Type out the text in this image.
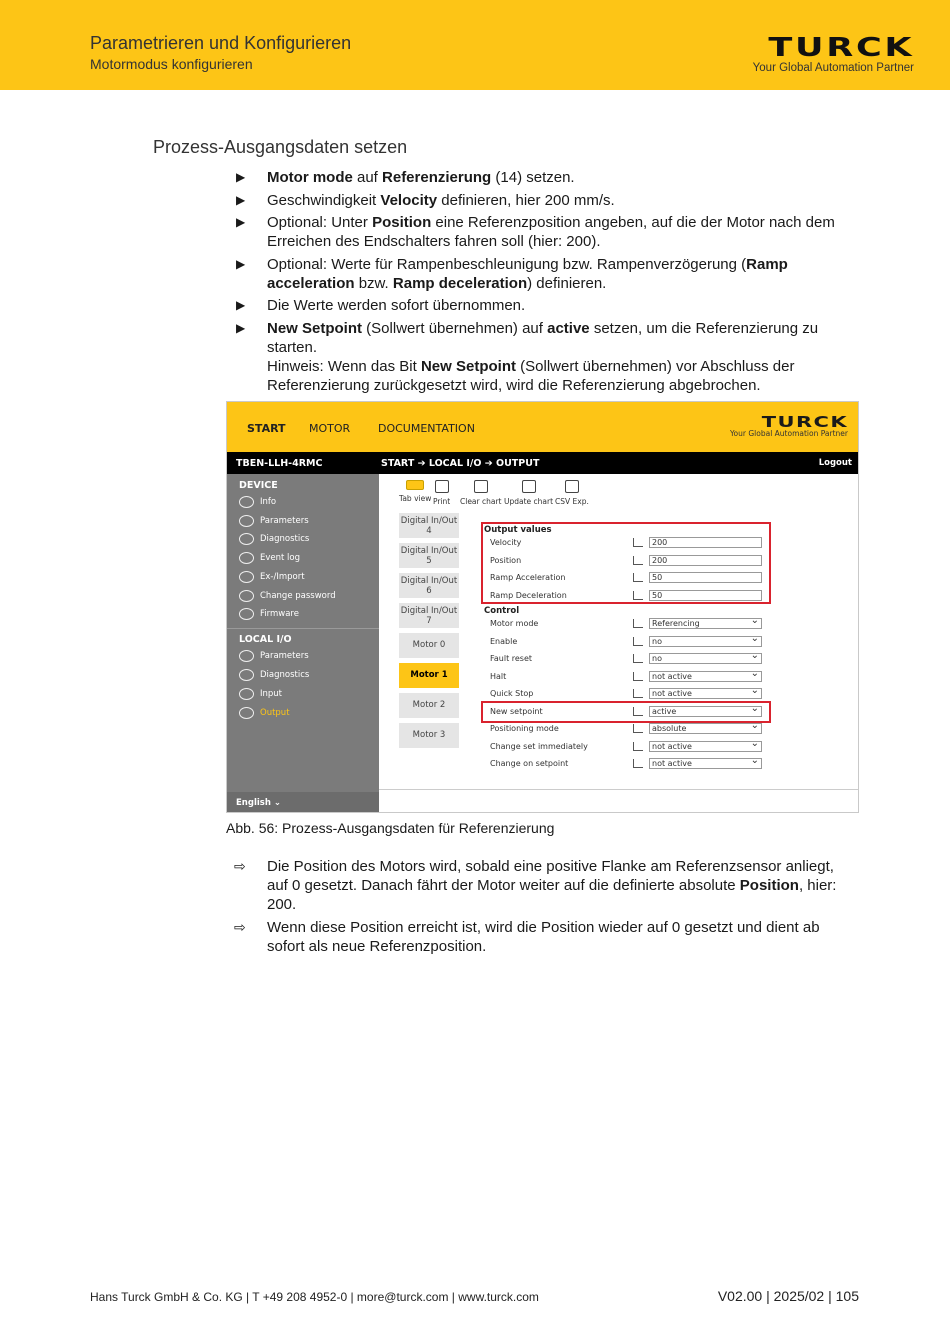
Parametrieren und Konfigurieren
Motormodus konfigurieren
TURCK
Your Global Automation Partner
Prozess-Ausgangsdaten setzen
▶ Motor mode auf Referenzierung (14) setzen.
▶ Geschwindigkeit Velocity definieren, hier 200 mm/s.
▶ Optional: Unter Position eine Referenzposition angeben, auf die der Motor nach dem Erreichen des Endschalters fahren soll (hier: 200).
▶ Optional: Werte für Rampenbeschleunigung bzw. Rampenverzögerung (Ramp acceleration bzw. Ramp deceleration) definieren.
▶ Die Werte werden sofort übernommen.
▶ New Setpoint (Sollwert übernehmen) auf active setzen, um die Referenzierung zu starten.
Hinweis: Wenn das Bit New Setpoint (Sollwert übernehmen) vor Abschluss der Referenzierung zurückgesetzt wird, wird die Referenzierung abgebrochen.
START MOTOR	DOCUMENTATION	TURCK
Your Global Automation Partner
TBEN-LLH-4RMC	START ➔ LOCAL I/O ➔ OUTPUT	Logout
DEVICE
LOCAL I/O
Info
Parameters
Diagnostics
Event log
Ex-/Import
Change password
Firmware
Parameters
Diagnostics
Input
Output
English ⌄
Tab view Print Clear chart Update chart CSV Exp.
Digital In/Out
4
Digital In/Out
5
Digital In/Out
6
Digital In/Out
7
Motor 0
Motor 1
Motor 2
Motor 3
Output values
Velocity	200
Position	200
Ramp Acceleration	50
Ramp Deceleration	50
Control
Motor mode	Referencing ⌄
Enable	no ⌄
Fault reset	no ⌄
Halt	not active ⌄
Quick Stop	not active ⌄
New setpoint	active ⌄
Positioning mode	absolute ⌄
Change set immediately	not active ⌄
Change on setpoint	not active ⌄
Abb. 56: Prozess-Ausgangsdaten für Referenzierung
⇨ Die Position des Motors wird, sobald eine positive Flanke am Referenzsensor anliegt, auf 0 gesetzt. Danach fährt der Motor weiter auf die definierte absolute Position, hier: 200.
⇨ Wenn diese Position erreicht ist, wird die Position wieder auf 0 gesetzt und dient ab sofort als neue Referenzposition.
Hans Turck GmbH & Co. KG | T +49 208 4952-0 | more@turck.com | www.turck.com	V02.00 | 2025/02 | 105
